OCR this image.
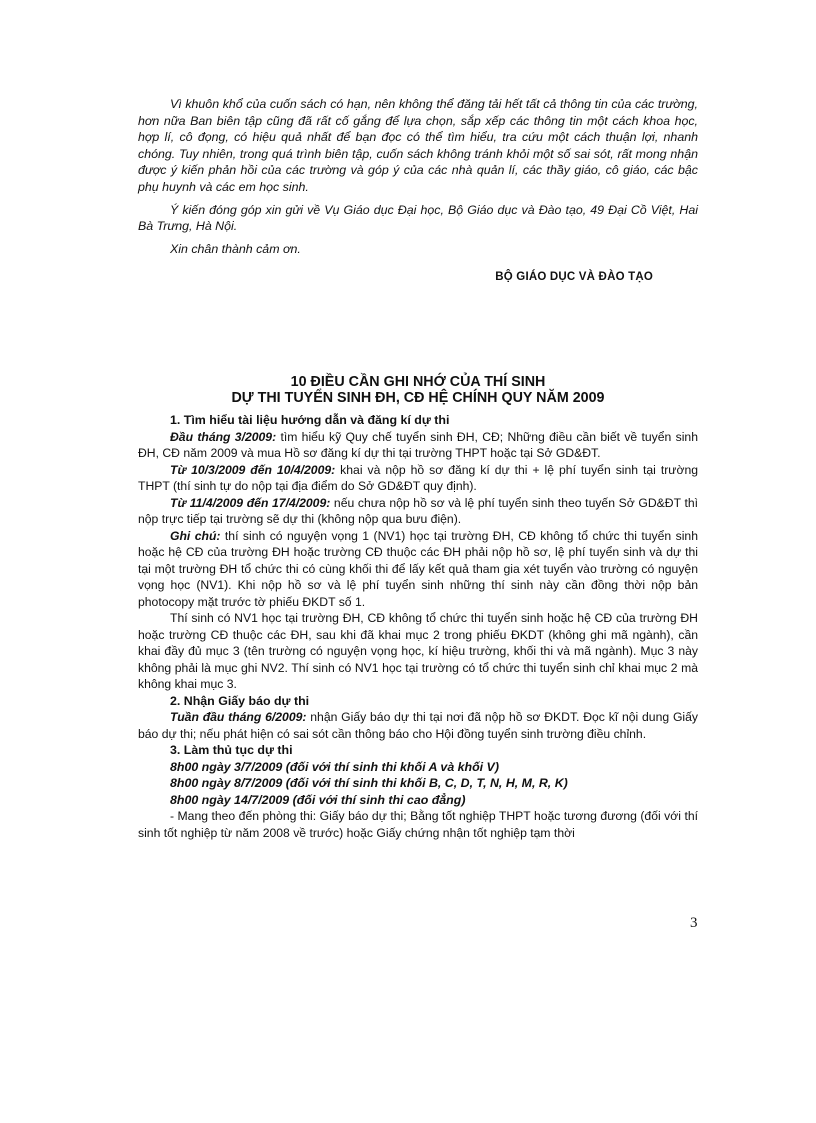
Vì khuôn khổ của cuốn sách có hạn, nên không thể đăng tải hết tất cả thông tin của các trường, hơn nữa Ban biên tập cũng đã rất cố gắng để lựa chọn, sắp xếp các thông tin một cách khoa học, hợp lí, cô đọng, có hiệu quả nhất để bạn đọc có thể tìm hiểu, tra cứu một cách thuận lợi, nhanh chóng. Tuy nhiên, trong quá trình biên tập, cuốn sách không tránh khỏi một số sai sót, rất mong nhận được ý kiến phản hồi của các trường và góp ý của các nhà quản lí, các thầy giáo, cô giáo, các bậc phụ huynh và các em học sinh.

Ý kiến đóng góp xin gửi về Vụ Giáo dục Đại học, Bộ Giáo dục và Đào tạo, 49 Đại Cồ Việt, Hai Bà Trưng, Hà Nội.

Xin chân thành cảm ơn.

BỘ GIÁO DỤC VÀ ĐÀO TẠO

10 ĐIỀU CẦN GHI NHỚ CỦA THÍ SINH

DỰ THI TUYỂN SINH ĐH, CĐ HỆ CHÍNH QUY NĂM 2009

1. Tìm hiểu tài liệu hướng dẫn và đăng kí dự thi

Đầu tháng 3/2009: tìm hiểu kỹ Quy chế tuyển sinh ĐH, CĐ; Những điều cần biết về tuyển sinh ĐH, CĐ năm 2009 và mua Hồ sơ đăng kí dự thi tại trường THPT hoặc tại Sở GD&ĐT.

Từ 10/3/2009 đến 10/4/2009: khai và nộp hồ sơ đăng kí dự thi + lệ phí tuyển sinh tại trường THPT (thí sinh tự do nộp tại địa điểm do Sở GD&ĐT quy định).

Từ 11/4/2009 đến 17/4/2009: nếu chưa nộp hồ sơ và lệ phí tuyển sinh theo tuyến Sở GD&ĐT thì nộp trực tiếp tại trường sẽ dự thi (không nộp qua bưu điện).

Ghi chú: thí sinh có nguyện vọng 1 (NV1) học tại trường ĐH, CĐ không tổ chức thi tuyển sinh hoặc hệ CĐ của trường ĐH hoặc trường CĐ thuộc các ĐH phải nộp hồ sơ, lệ phí tuyển sinh và dự thi tại một trường ĐH tổ chức thi có cùng khối thi để lấy kết quả tham gia xét tuyển vào trường có nguyện vọng học (NV1). Khi nộp hồ sơ và lệ phí tuyển sinh những thí sinh này cần đồng thời nộp bản photocopy mặt trước tờ phiếu ĐKDT số 1.

Thí sinh có NV1 học tại trường ĐH, CĐ không tổ chức thi tuyển sinh hoặc hệ CĐ của trường ĐH hoặc trường CĐ thuộc các ĐH, sau khi đã khai mục 2 trong phiếu ĐKDT (không ghi mã ngành), cần khai đầy đủ mục 3 (tên trường có nguyện vọng học, kí hiệu trường, khối thi và mã ngành). Mục 3 này không phải là mục ghi NV2. Thí sinh có NV1 học tại trường có tổ chức thi tuyển sinh chỉ khai mục 2 mà không khai mục 3.

2. Nhận Giấy báo dự thi

Tuần đầu tháng 6/2009: nhận Giấy báo dự thi tại nơi đã nộp hồ sơ ĐKDT. Đọc kĩ nội dung Giấy báo dự thi; nếu phát hiện có sai sót cần thông báo cho Hội đồng tuyển sinh trường điều chỉnh.

3. Làm thủ tục dự thi

8h00 ngày 3/7/2009 (đối với thí sinh thi khối A và khối V)

8h00 ngày 8/7/2009 (đối với thí sinh thi khối B, C, D, T, N, H, M, R, K)

8h00 ngày 14/7/2009 (đối với thí sinh thi cao đẳng)

- Mang theo đến phòng thi: Giấy báo dự thi; Bằng tốt nghiệp THPT hoặc tương đương (đối với thí sinh tốt nghiệp từ năm 2008 về trước) hoặc Giấy chứng nhận tốt nghiệp tạm thời

3
